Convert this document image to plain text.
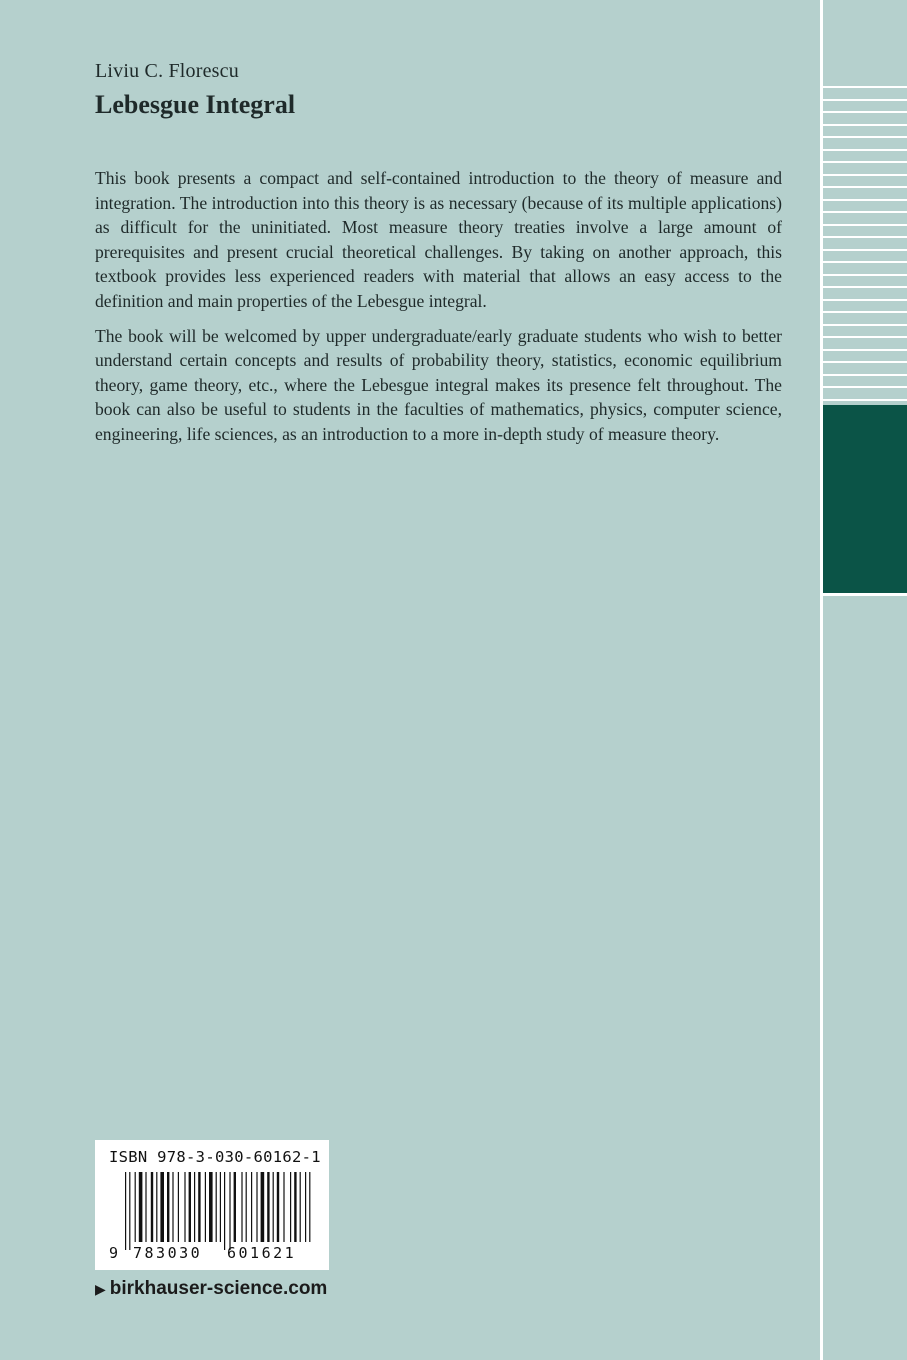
Liviu C. Florescu
Lebesgue Integral

This book presents a compact and self-contained introduction to the theory of measure and integration. The introduction into this theory is as necessary (because of its multiple applications) as difficult for the uninitiated. Most measure theory treaties involve a large amount of prerequisites and present crucial theoretical challenges. By taking on another approach, this textbook provides less experienced readers with material that allows an easy access to the definition and main properties of the Lebesgue integral.

The book will be welcomed by upper undergraduate/early graduate students who wish to better understand certain concepts and results of probability theory, statistics, economic equilibrium theory, game theory, etc., where the Lebesgue integral makes its presence felt throughout. The book can also be useful to students in the faculties of mathematics, physics, computer science, engineering, life sciences, as an introduction to a more in-depth study of measure theory.

ISBN 978-3-030-60162-1
9 783030 601621
▶ birkhauser-science.com
